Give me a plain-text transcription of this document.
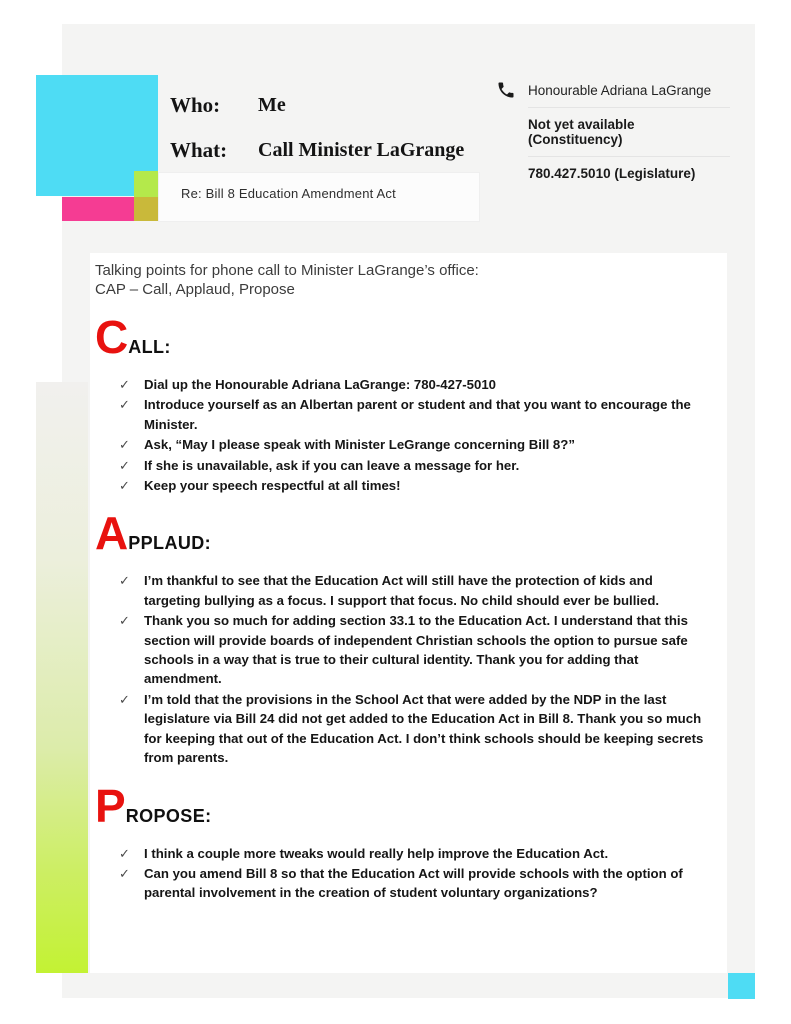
Who: Me
What: Call Minister LaGrange
Re: Bill 8 Education Amendment Act
Honourable Adriana LaGrange
Not yet available (Constituency)
780.427.5010 (Legislature)

Talking points for phone call to Minister LaGrange’s office:
CAP – Call, Applaud, Propose

CALL:
✓	Dial up the Honourable Adriana LaGrange: 780-427-5010
✓	Introduce yourself as an Albertan parent or student and that you want to encourage the Minister.
✓	Ask, “May I please speak with Minister LeGrange concerning Bill 8?”
✓	If she is unavailable, ask if you can leave a message for her.
✓	Keep your speech respectful at all times!
APPLAUD:
✓	I’m thankful to see that the Education Act will still have the protection of kids and targeting bullying as a focus. I support that focus. No child should ever be bullied.
✓	Thank you so much for adding section 33.1 to the Education Act. I understand that this section will provide boards of independent Christian schools the option to pursue safe schools in a way that is true to their cultural identity. Thank you for adding that amendment.
✓	I’m told that the provisions in the School Act that were added by the NDP in the last legislature via Bill 24 did not get added to the Education Act in Bill 8. Thank you so much for keeping that out of the Education Act. I don’t think schools should be keeping secrets from parents.
PROPOSE:
✓	I think a couple more tweaks would really help improve the Education Act.
✓	Can you amend Bill 8 so that the Education Act will provide schools with the option of parental involvement in the creation of student voluntary organizations?
